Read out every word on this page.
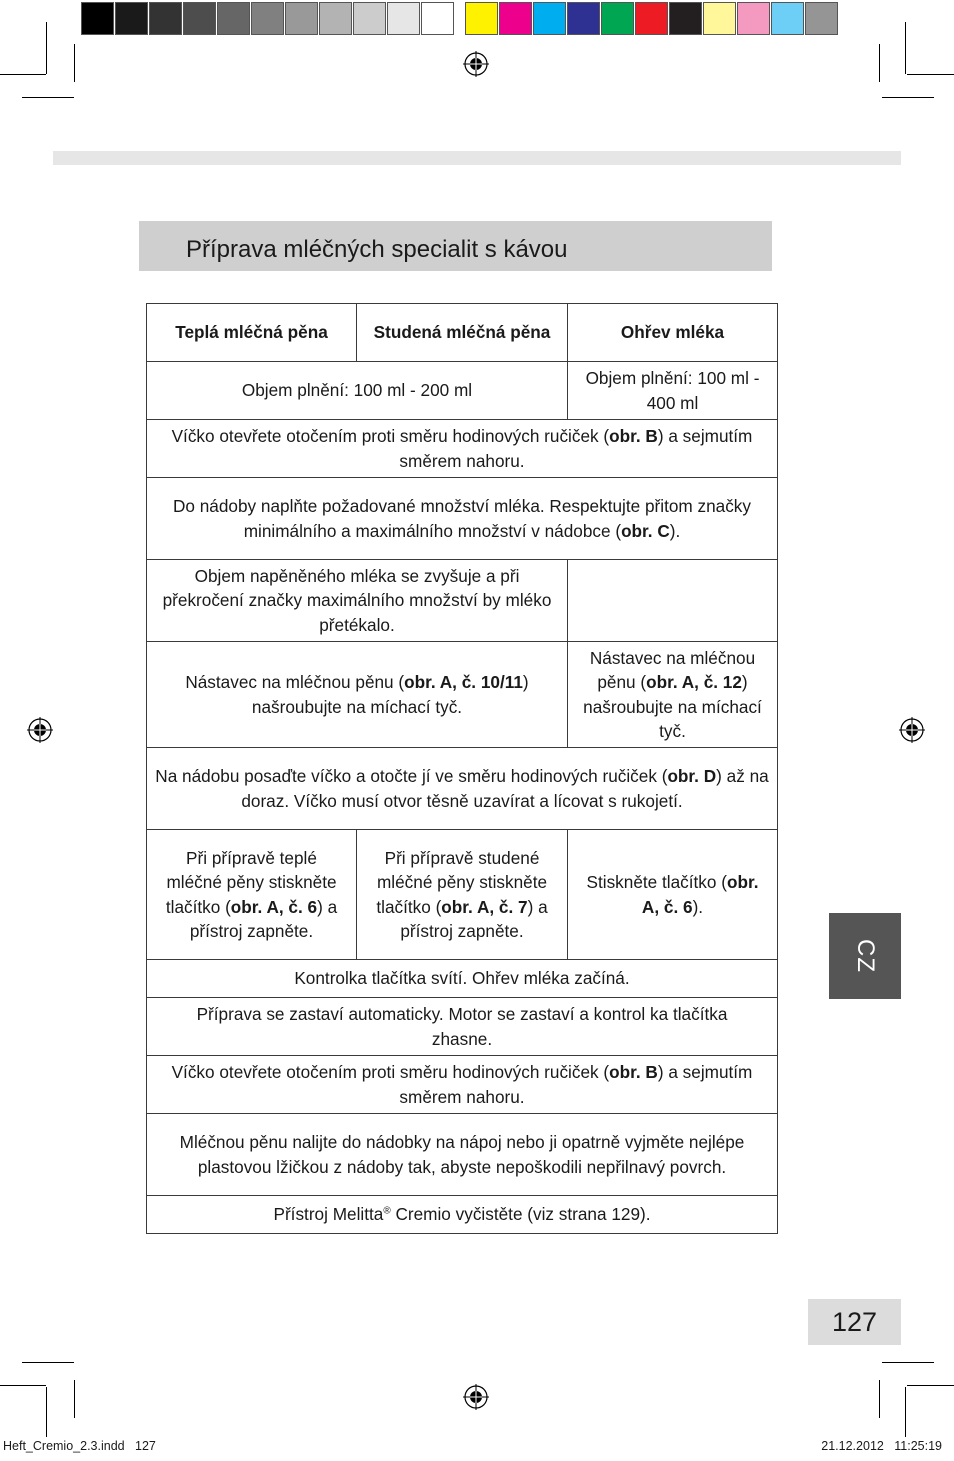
Příprava mléčných specialit s kávou
Teplá mléčná pěna	Studená mléčná pěna	Ohřev mléka
Objem plnění: 100 ml - 200 ml		Objem plnění: 100 ml - 400 ml
Víčko otevřete otočením proti směru hodinových ručiček (obr. B) a sejmutím směrem nahoru.		
Do nádoby naplňte požadované množství mléka. Respektujte přitom značky minimálního a maximálního množství v nádobce (obr. C).		
Objem napěněného mléka se zvyšuje a při překročení značky maximálního množství by mléko přetékalo.		
Nástavec na mléčnou pěnu (obr. A, č. 10/11) našroubujte na míchací tyč.		Nástavec na mléčnou pěnu (obr. A, č. 12) našroubujte na míchací tyč.
Na nádobu posaďte víčko a otočte jí ve směru hodinových ručiček (obr. D) až na doraz. Víčko musí otvor těsně uzavírat a lícovat s rukojetí.		
Při přípravě teplé mléčné pěny stiskněte tlačítko (obr. A, č. 6) a přístroj zapněte.	Při přípravě studené mléčné pěny stiskněte tlačítko (obr. A, č. 7) a přístroj zapněte.	Stiskněte tlačítko (obr. A, č. 6).
Kontrolka tlačítka svítí. Ohřev mléka začíná.		
Příprava se zastaví automaticky. Motor se zastaví a kontrol ka tlačítka zhasne.		
Víčko otevřete otočením proti směru hodinových ručiček (obr. B) a sejmutím směrem nahoru.		
Mléčnou pěnu nalijte do nádobky na nápoj nebo ji opatrně vyjměte nejlépe plastovou lžičkou z nádoby tak, abyste nepoškodili nepřilnavý povrch.		
Přístroj Melitta® Cremio vyčistěte (viz strana 129).		
CZ
127
Heft_Cremio_2.3.indd   127	21.12.2012   11:25:19
